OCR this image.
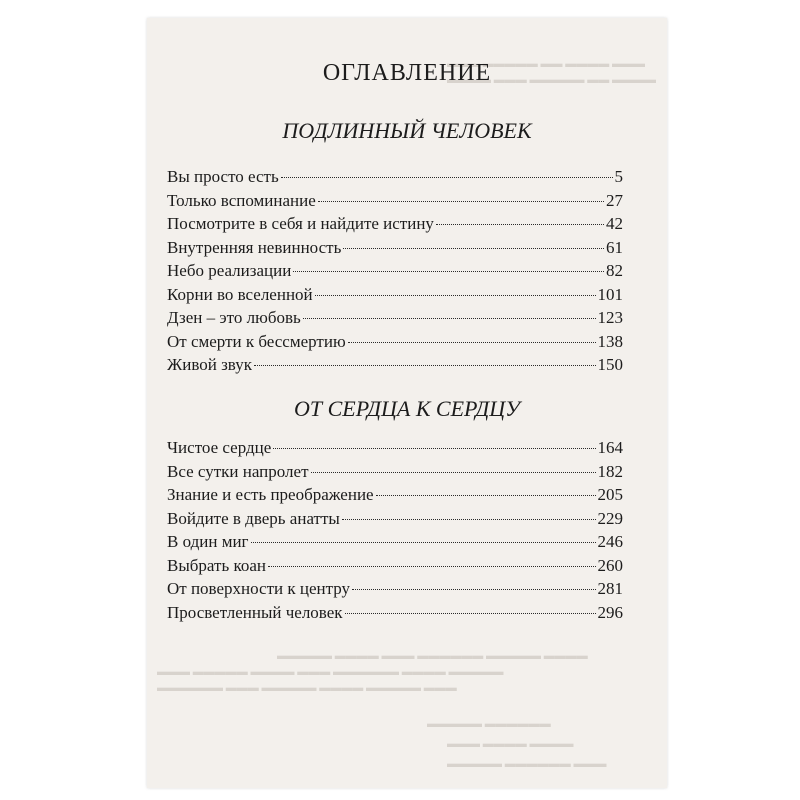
▬▬▬ ▬▬▬▬▬ ▬▬ ▬▬▬▬ ▬▬▬
▬▬▬▬ ▬▬▬ ▬▬▬▬▬ ▬▬ ▬▬▬▬
▬▬▬▬▬ ▬▬▬▬ ▬▬▬ ▬▬▬▬▬▬ ▬▬▬▬▬ ▬▬▬▬
▬▬▬ ▬▬▬▬▬ ▬▬▬▬ ▬▬▬ ▬▬▬▬▬▬ ▬▬▬▬ ▬▬▬▬▬
▬▬▬▬▬▬ ▬▬▬ ▬▬▬▬▬ ▬▬▬▬ ▬▬▬▬▬ ▬▬▬
▬▬▬▬▬ ▬▬▬▬▬▬
▬▬▬ ▬▬▬▬ ▬▬▬▬
▬▬▬▬▬ ▬▬▬▬▬▬ ▬▬▬
ОГЛАВЛЕНИЕ
ПОДЛИННЫЙ ЧЕЛОВЕК
Вы просто есть	5
Только вспоминание	27
Посмотрите в себя и найдите истину	42
Внутренняя невинность	61
Небо реализации	82
Корни во вселенной	101
Дзен – это любовь	123
От смерти к бессмертию	138
Живой звук	150
ОТ СЕРДЦА К СЕРДЦУ
Чистое сердце	164
Все сутки напролет	182
Знание и есть преображение	205
Войдите в дверь анатты	229
В один миг	246
Выбрать коан	260
От поверхности к центру	281
Просветленный человек	296
